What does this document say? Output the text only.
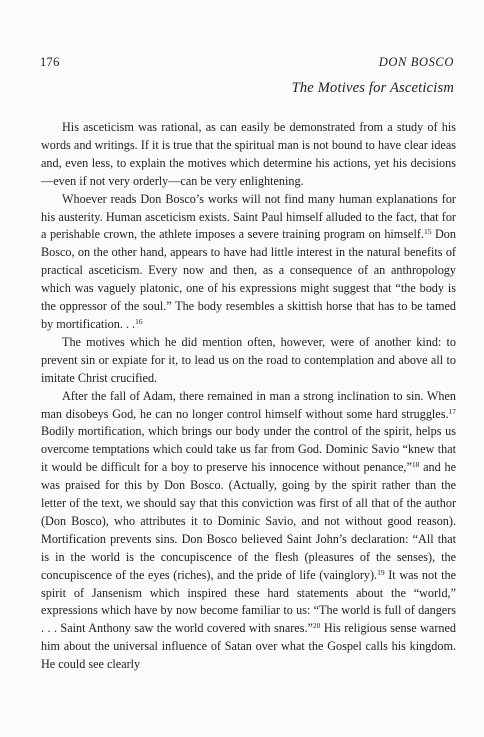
176	DON BOSCO
The Motives for Asceticism

His asceticism was rational, as can easily be demonstrated from a study of his words and writings. If it is true that the spiritual man is not bound to have clear ideas and, even less, to explain the motives which determine his actions, yet his decisions—even if not very orderly—can be very enlightening.

Whoever reads Don Bosco’s works will not find many human explanations for his austerity. Human asceticism exists. Saint Paul himself alluded to the fact, that for a perishable crown, the athlete imposes a severe training program on himself.$^{15}$ Don Bosco, on the other hand, appears to have had little interest in the natural benefits of practical asceticism. Every now and then, as a consequence of an anthropology which was vaguely platonic, one of his expressions might suggest that “the body is the oppressor of the soul.” The body resembles a skittish horse that has to be tamed by mortification. . .$^{16}$

The motives which he did mention often, however, were of another kind: to prevent sin or expiate for it, to lead us on the road to contemplation and above all to imitate Christ crucified.

After the fall of Adam, there remained in man a strong inclination to sin. When man disobeys God, he can no longer control himself without some hard struggles.$^{17}$ Bodily mortification, which brings our body under the control of the spirit, helps us overcome temptations which could take us far from God. Dominic Savio “knew that it would be difficult for a boy to preserve his innocence without penance,”$^{18}$ and he was praised for this by Don Bosco. (Actually, going by the spirit rather than the letter of the text, we should say that this conviction was first of all that of the author (Don Bosco), who attributes it to Dominic Savio, and not without good reason). Mortification prevents sins. Don Bosco believed Saint John’s declaration: “All that is in the world is the concupiscence of the flesh (pleasures of the senses), the concupiscence of the eyes (riches), and the pride of life (vainglory).$^{19}$ It was not the spirit of Jansenism which inspired these hard statements about the “world,” expressions which have by now become familiar to us: “The world is full of dangers . . . Saint Anthony saw the world covered with snares.”$^{20}$ His religious sense warned him about the universal influence of Satan over what the Gospel calls his kingdom. He could see clearly
